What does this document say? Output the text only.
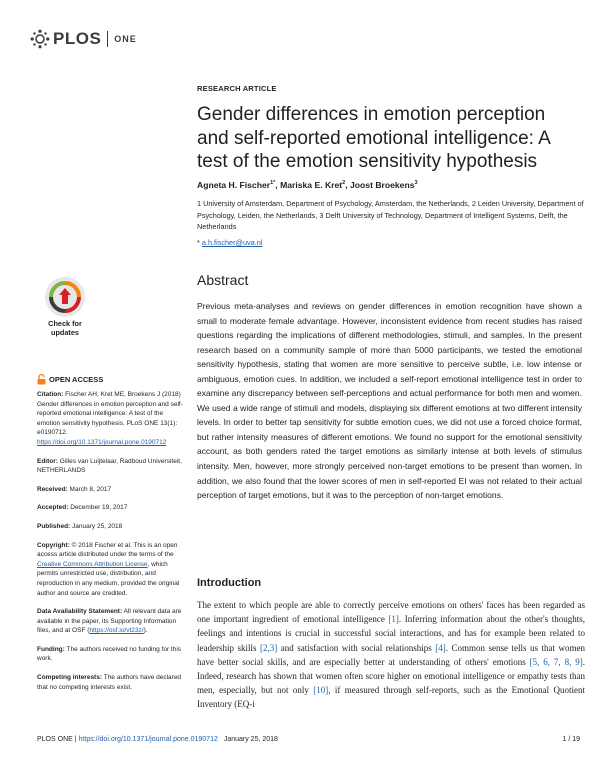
PLOS ONE
RESEARCH ARTICLE
Gender differences in emotion perception and self-reported emotional intelligence: A test of the emotion sensitivity hypothesis
Agneta H. Fischer$^{1*}$, Mariska E. Kret$^2$, Joost Broekens$^3$
1 University of Amsterdam, Department of Psychology, Amsterdam, the Netherlands, 2 Leiden University, Department of Psychology, Leiden, the Netherlands, 3 Delft University of Technology, Department of Intelligent Systems, Delft, the Netherlands
* a.h.fischer@uva.nl
Check for updates
OPEN ACCESS

Citation: Fischer AH, Kret ME, Broekens J (2018) Gender differences in emotion perception and self-reported emotional intelligence: A test of the emotion sensitivity hypothesis. PLoS ONE 13(1): e0190712. https://doi.org/10.1371/journal.pone.0190712

Editor: Gilles van Luijtelaar, Radboud Universiteit, NETHERLANDS

Received: March 8, 2017

Accepted: December 19, 2017

Published: January 25, 2018

Copyright: © 2018 Fischer et al. This is an open access article distributed under the terms of the Creative Commons Attribution License, which permits unrestricted use, distribution, and reproduction in any medium, provided the original author and source are credited.

Data Availability Statement: All relevant data are available in the paper, its Supporting Information files, and at OSF (https://osf.io/vt23z/).

Funding: The authors received no funding for this work.

Competing interests: The authors have declared that no competing interests exist.

Abstract
Previous meta-analyses and reviews on gender differences in emotion recognition have shown a small to moderate female advantage. However, inconsistent evidence from recent studies has raised questions regarding the implications of different methodologies, stimuli, and samples. In the present research based on a community sample of more than 5000 participants, we tested the emotional sensitivity hypothesis, stating that women are more sensitive to perceive subtle, i.e. low intense or ambiguous, emotion cues. In addition, we included a self-report emotional intelligence test in order to examine any discrepancy between self-perceptions and actual performance for both men and women. We used a wide range of stimuli and models, displaying six different emotions at two different intensity levels. In order to better tap sensitivity for subtle emotion cues, we did not use a forced choice format, but rather intensity measures of different emotions. We found no support for the emotional sensitivity account, as both genders rated the target emotions as similarly intense at both levels of stimulus intensity. Men, however, more strongly perceived non-target emotions to be present than women. In addition, we also found that the lower scores of men in self-reported EI was not related to their actual perception of target emotions, but it was to the perception of non-target emotions.
Introduction
The extent to which people are able to correctly perceive emotions on others' faces has been regarded as one important ingredient of emotional intelligence [1]. Inferring information about the other's thoughts, feelings and intentions is crucial in successful social interactions, and has for example been related to leadership skills [2,3] and satisfaction with social relationships [4]. Common sense tells us that women have better social skills, and are especially better at understanding of others' emotions [5, 6, 7, 8, 9]. Indeed, research has shown that women often score higher on emotional intelligence or empathy tests than men, especially, but not only [10], if measured through self-reports, such as the Emotional Quotient Inventory (EQ-i
PLOS ONE | https://doi.org/10.1371/journal.pone.0190712 January 25, 2018	1 / 19
